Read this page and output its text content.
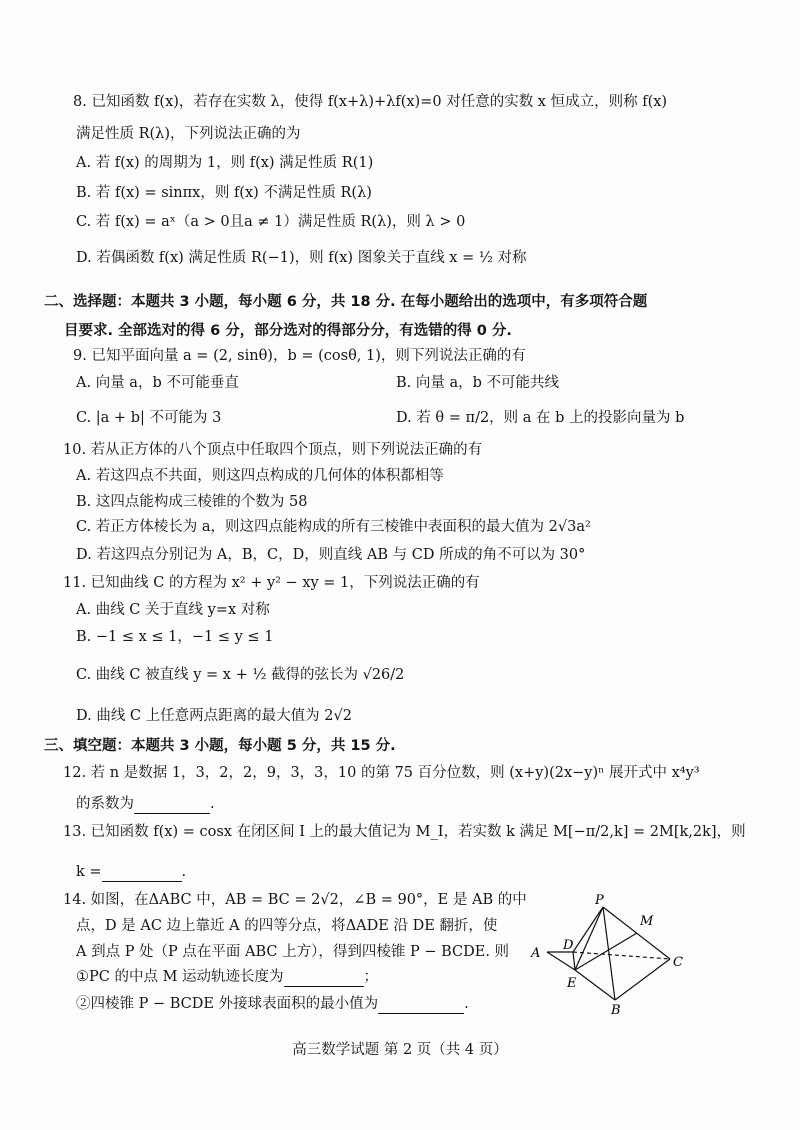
8. 已知函数 f(x)，若存在实数 λ，使得 f(x+λ)+λf(x)=0 对任意的实数 x 恒成立，则称 f(x)
满足性质 R(λ)，下列说法正确的为
A. 若 f(x) 的周期为 1，则 f(x) 满足性质 R(1)
B. 若 f(x) = sinπx，则 f(x) 不满足性质 R(λ)
C. 若 f(x) = aˣ（a > 0且a ≠ 1）满足性质 R(λ)，则 λ > 0
D. 若偶函数 f(x) 满足性质 R(−1)，则 f(x) 图象关于直线 x = ½ 对称
二、选择题：本题共 3 小题，每小题 6 分，共 18 分. 在每小题给出的选项中，有多项符合题
目要求. 全部选对的得 6 分，部分选对的得部分分，有选错的得 0 分.
9. 已知平面向量 a = (2, sinθ)，b = (cosθ, 1)，则下列说法正确的有
A. 向量 a，b 不可能垂直	B. 向量 a，b 不可能共线
C. |a + b| 不可能为 3	D. 若 θ = π/2，则 a 在 b 上的投影向量为 b
10. 若从正方体的八个顶点中任取四个顶点，则下列说法正确的有
A. 若这四点不共面，则这四点构成的几何体的体积都相等
B. 这四点能构成三棱锥的个数为 58
C. 若正方体棱长为 a，则这四点能构成的所有三棱锥中表面积的最大值为 2√3a²
D. 若这四点分别记为 A，B，C，D，则直线 AB 与 CD 所成的角不可以为 30°
11. 已知曲线 C 的方程为 x² + y² − xy = 1，下列说法正确的有
A. 曲线 C 关于直线 y=x 对称
B. −1 ≤ x ≤ 1，−1 ≤ y ≤ 1
C. 曲线 C 被直线 y = x + ½ 截得的弦长为 √26/2
D. 曲线 C 上任意两点距离的最大值为 2√2
三、填空题：本题共 3 小题，每小题 5 分，共 15 分.
12. 若 n 是数据 1，3，2，2，9，3，3，10 的第 75 百分位数，则 (x+y)(2x−y)ⁿ 展开式中 x⁴y³
的系数为	.
13. 已知函数 f(x) = cosx 在闭区间 I 上的最大值记为 M_I，若实数 k 满足 M[−π/2,k] = 2M[k,2k]，则
k =	.
14. 如图，在ΔABC 中，AB = BC = 2√2，∠B = 90°，E 是 AB 的中
点，D 是 AC 边上靠近 A 的四等分点，将ΔADE 沿 DE 翻折，使
A 到点 P 处（P 点在平面 ABC 上方），得到四棱锥 P − BCDE. 则
①PC 的中点 M 运动轨迹长度为	；
②四棱锥 P − BCDE 外接球表面积的最小值为	.
P
M
D
A
C
E
B
高三数学试题 第 2 页（共 4 页）
